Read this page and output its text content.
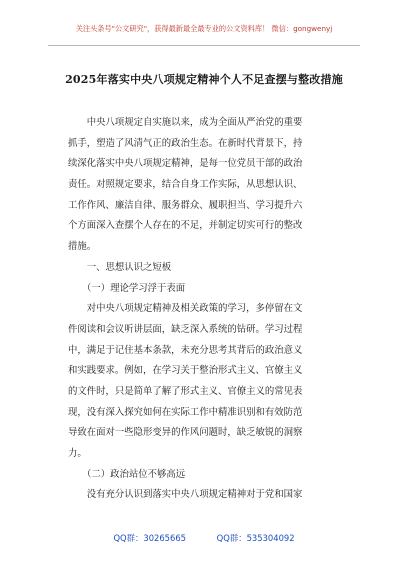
关注头条号"公文研究"，获得最新最全最专业的公文资料库！ 微信：gongwenyj
2025年落实中央八项规定精神个人不足查摆与整改措施
　　中央八项规定自实施以来，成为全面从严治党的重要
抓手，塑造了风清气正的政治生态。在新时代背景下，持
续深化落实中央八项规定精神，是每一位党员干部的政治
责任。对照规定要求，结合自身工作实际，从思想认识、
工作作风、廉洁自律、服务群众、履职担当、学习提升六
个方面深入查摆个人存在的不足，并制定切实可行的整改
措施。
　　一、思想认识之短板
　　（一）理论学习浮于表面
　　对中央八项规定精神及相关政策的学习，多停留在文
件阅读和会议听讲层面，缺乏深入系统的钻研。学习过程
中，满足于记住基本条款，未充分思考其背后的政治意义
和实践要求。例如，在学习关于整治形式主义、官僚主义
的文件时，只是简单了解了形式主义、官僚主义的常见表
现，没有深入探究如何在实际工作中精准识别和有效防范
导致在面对一些隐形变异的作风问题时，缺乏敏锐的洞察
力。
　　（二）政治站位不够高远
　　没有充分认识到落实中央八项规定精神对于党和国家
QQ群：30265665	QQ群：535304092
